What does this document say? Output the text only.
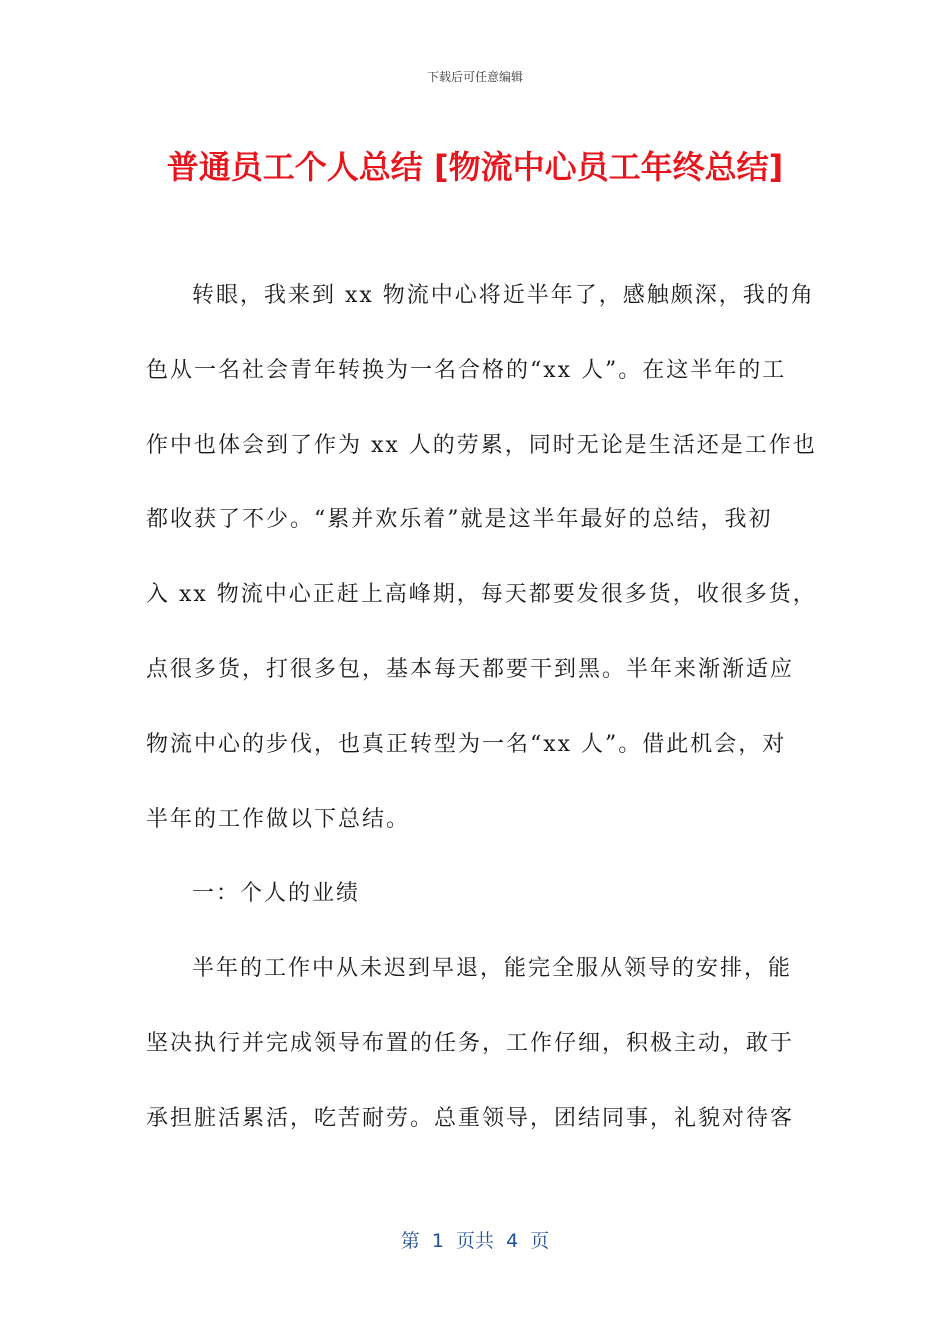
下载后可任意编辑
普通员工个人总结 [物流中心员工年终总结]
转眼，我来到 xx 物流中心将近半年了，感触颇深，我的角
色从一名社会青年转换为一名合格的“xx 人”。在这半年的工
作中也体会到了作为 xx 人的劳累，同时无论是生活还是工作也
都收获了不少。“累并欢乐着”就是这半年最好的总结，我初
入 xx 物流中心正赶上高峰期，每天都要发很多货，收很多货，
点很多货，打很多包，基本每天都要干到黑。半年来渐渐适应
物流中心的步伐，也真正转型为一名“xx 人”。借此机会，对
半年的工作做以下总结。
一：个人的业绩
半年的工作中从未迟到早退，能完全服从领导的安排，能
坚决执行并完成领导布置的任务，工作仔细，积极主动，敢于
承担脏活累活，吃苦耐劳。总重领导，团结同事，礼貌对待客
第  1  页共  4  页
